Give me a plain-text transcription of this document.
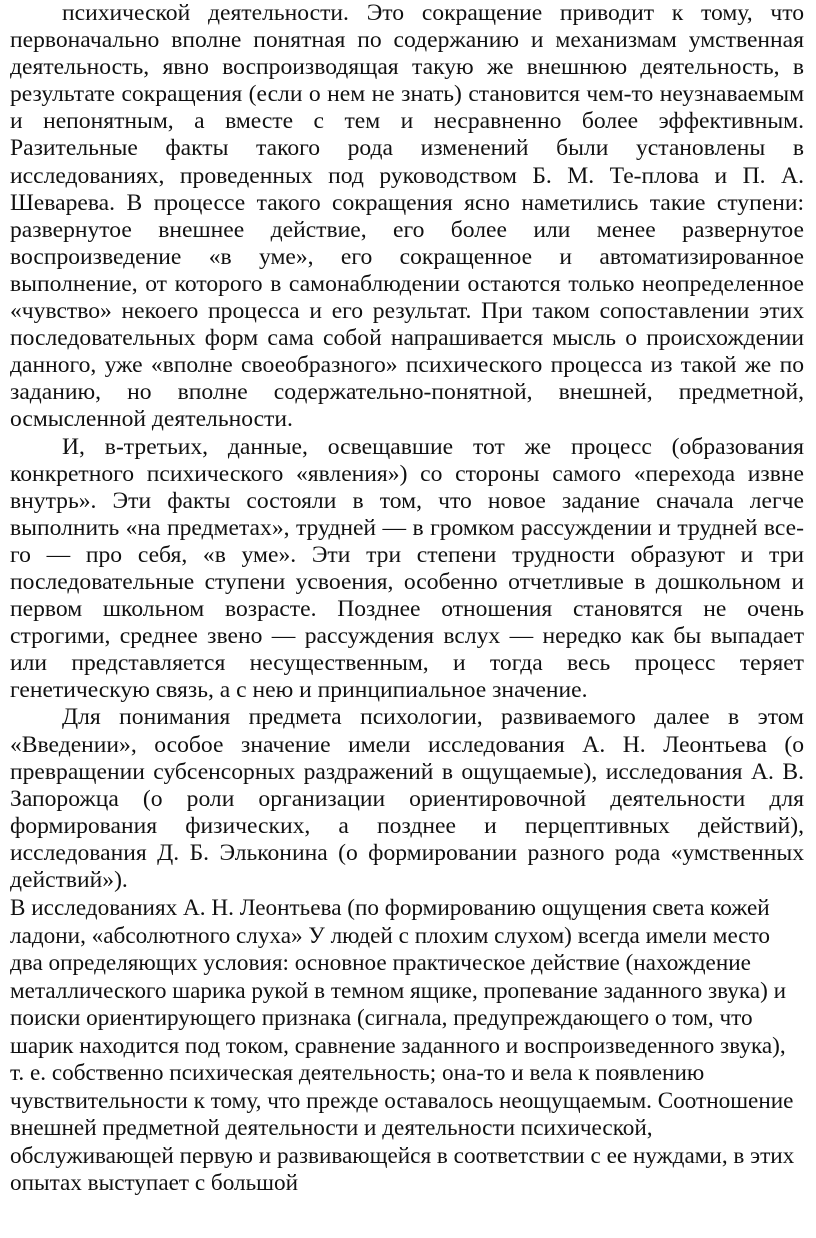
психической деятельности. Это сокращение приводит к тому, что первоначально вполне понятная по содержанию и механизмам умственная деятельность, явно воспроизводящая такую же внешнюю деятельность, в результате сокращения (если о нем не знать) становится чем-то неузнаваемым и непонятным, а вместе с тем и несравненно более эффективным. Разительные факты такого рода изменений были установлены в исследованиях, проведенных под руководством Б. М. Те-плова и П. А. Шеварева. В процессе такого сокращения ясно наметились такие ступени: развернутое внешнее действие, его более или менее развернутое воспроизведение «в уме», его сокращенное и автоматизированное выполнение, от которого в самонаблюдении остаются только неопределенное «чувство» некоего процесса и его результат. При таком сопоставлении этих последовательных форм сама собой напрашивается мысль о происхождении данного, уже «вполне своеобразного» психического процесса из такой же по заданию, но вполне содержательно-понятной, внешней, предметной, осмысленной деятельности.

И, в-третьих, данные, освещавшие тот же процесс (образования конкретного психического «явления») со стороны самого «перехода извне внутрь». Эти факты состояли в том, что новое задание сначала легче выполнить «на предметах», трудней — в громком рассуждении и трудней всего — про себя, «в уме». Эти три степени трудности образуют и три последовательные ступени усвоения, особенно отчетливые в дошкольном и первом школьном возрасте. Позднее отношения становятся не очень строгими, среднее звено — рассуждения вслух — нередко как бы выпадает или представляется несущественным, и тогда весь процесс теряет генетическую связь, а с нею и принципиальное значение.

Для понимания предмета психологии, развиваемого далее в этом «Введении», особое значение имели исследования А. Н. Леонтьева (о превращении субсенсорных раздражений в ощущаемые), исследования А. В. Запорожца (о роли организации ориентировочной деятельности для формирования физических, а позднее и перцептивных действий), исследования Д. Б. Эльконина (о формировании разного рода «умственных действий»).

В исследованиях А. Н. Леонтьева (по формированию ощущения света кожей ладони, «абсолютного слуха» У людей с плохим слухом) всегда имели место два определяющих условия: основное практическое действие (нахождение металлического шарика рукой в темном ящике, пропевание заданного звука) и поиски ориентирующего признака (сигнала, предупреждающего о том, что шарик находится под током, сравнение заданного и воспроизведенного звука), т. е. собственно психическая деятельность; она-то и вела к появлению чувствительности к тому, что прежде оставалось неощущаемым. Соотношение внешней предметной деятельности и деятельности психической, обслуживающей первую и развивающейся в соответствии с ее нуждами, в этих опытах выступает с большой
